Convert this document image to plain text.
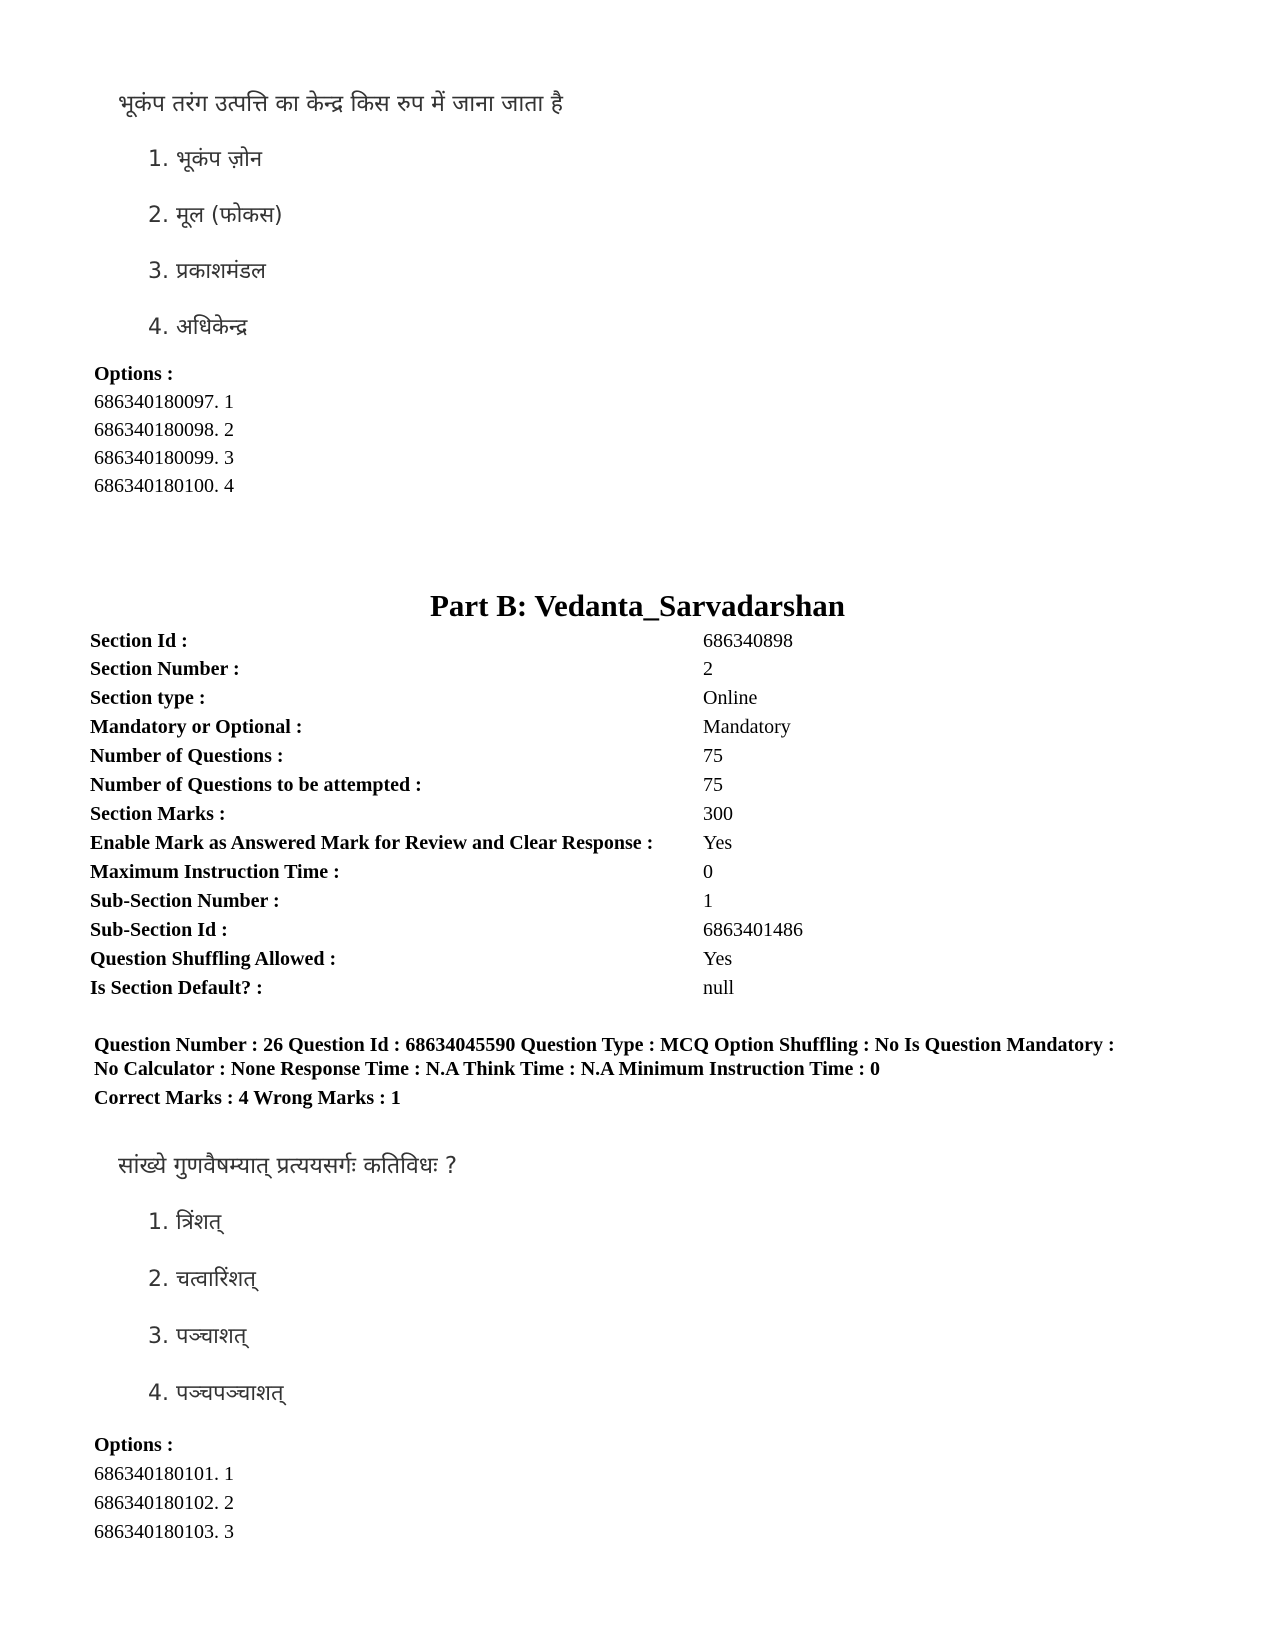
भूकंप तरंग उत्पत्ति का केन्द्र किस रुप में जाना जाता है
1. भूकंप ज़ोन
2. मूल (फोकस)
3. प्रकाशमंडल
4. अधिकेन्द्र
Options :
686340180097. 1
686340180098. 2
686340180099. 3
686340180100. 4
Part B: Vedanta_Sarvadarshan
Section Id :	686340898
Section Number :	2
Section type :	Online
Mandatory or Optional :	Mandatory
Number of Questions :	75
Number of Questions to be attempted :	75
Section Marks :	300
Enable Mark as Answered Mark for Review and Clear Response : Yes
Maximum Instruction Time :	0
Sub-Section Number :	1
Sub-Section Id :	6863401486
Question Shuffling Allowed :	Yes
Is Section Default? :	null
Question Number : 26 Question Id : 68634045590 Question Type : MCQ Option Shuffling : No Is Question Mandatory :
No Calculator : None Response Time : N.A Think Time : N.A Minimum Instruction Time : 0
Correct Marks : 4 Wrong Marks : 1
सांख्ये गुणवैषम्यात् प्रत्ययसर्गः कतिविधः ?
1. त्रिंशत्
2. चत्वारिंशत्
3. पञ्चाशत्
4. पञ्चपञ्चाशत्
Options :
686340180101. 1
686340180102. 2
686340180103. 3
